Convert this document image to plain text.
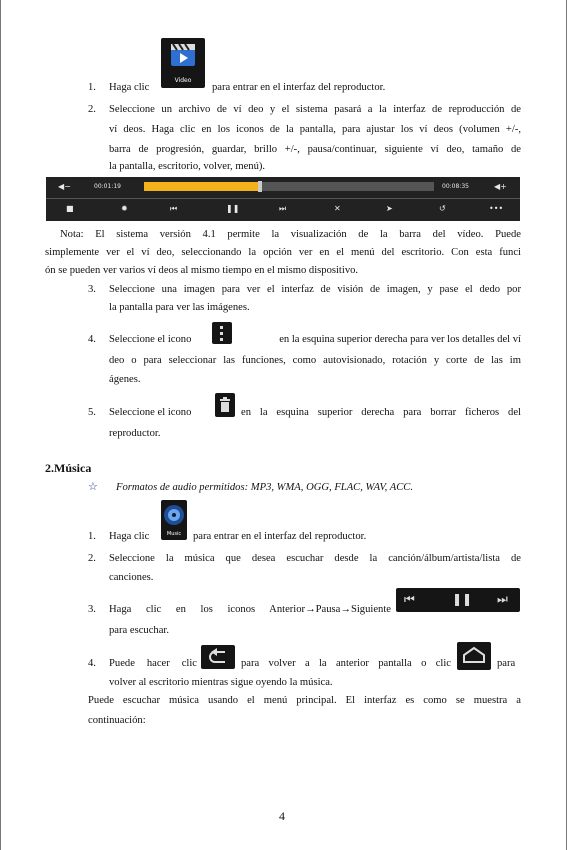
1. Haga clic
Video
para entrar en el interfaz del reproductor.
2. Seleccione un archivo de ví deo y el sistema pasará a la interfaz de reproducción de
ví deos. Haga clic en los iconos de la pantalla, para ajustar los ví deos (volumen +/-,
barra de progresión, guardar, brillo +/-, pausa/continuar, siguiente ví deo, tamaño de
la pantalla, escritorio, volver, menú).
◀−	00:01:19	00:08:35	◀+
■	✹	⏮	❚❚	⏭	✕	➤	↺	•••
Nota: El sistema versión 4.1 permite la visualización de la barra del vídeo. Puede
simplemente ver el ví deo, seleccionando la opción ver en el menú del escritorio. Con esta funci
ón se pueden ver varios ví deos al mismo tiempo en el mismo dispositivo.
3. Seleccione una imagen para ver el interfaz de visión de imagen, y pase el dedo por
la pantalla para ver las imágenes.
4. Seleccione el icono	en la esquina superior derecha para ver los detalles del ví
deo o para seleccionar las funciones, como autovisionado, rotación y corte de las im
ágenes.
5. Seleccione el icono	en la esquina superior derecha para borrar ficheros del
reproductor.
2.Música
☆ Formatos de audio permitidos: MP3, WMA, OGG, FLAC, WAV, ACC.
1. Haga clic	Music para entrar en el interfaz del reproductor.
2. Seleccione la música que desea escuchar desde la canción/álbum/artista/lista de
canciones.
3. Haga clic en los iconos Anterior→Pausa→Siguiente
⏮	❚❚ ⏭
para escuchar.
4. Puede hacer clic	para volver a la anterior pantalla o clic	para
volver al escritorio mientras sigue oyendo la música.
Puede escuchar música usando el menú principal. El interfaz es como se muestra a
continuación:
4
